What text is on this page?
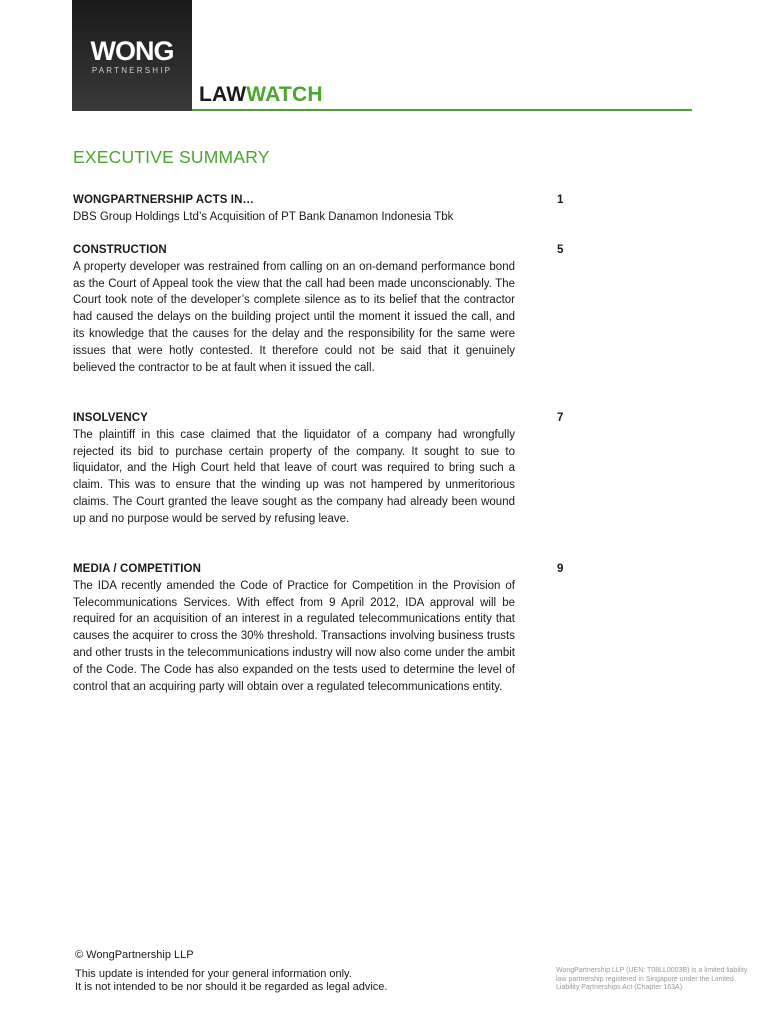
WONG
PARTNERSHIP
LAWWATCH
EXECUTIVE SUMMARY
WONGPARTNERSHIP ACTS IN…
DBS Group Holdings Ltd’s Acquisition of PT Bank Danamon Indonesia Tbk
1
CONSTRUCTION
A property developer was restrained from calling on an on-demand performance bond as the Court of Appeal took the view that the call had been made unconscionably. The Court took note of the developer’s complete silence as to its belief that the contractor had caused the delays on the building project until the moment it issued the call, and its knowledge that the causes for the delay and the responsibility for the same were issues that were hotly contested. It therefore could not be said that it genuinely believed the contractor to be at fault when it issued the call.
5
INSOLVENCY
The plaintiff in this case claimed that the liquidator of a company had wrongfully rejected its bid to purchase certain property of the company. It sought to sue to liquidator, and the High Court held that leave of court was required to bring such a claim. This was to ensure that the winding up was not hampered by unmeritorious claims. The Court granted the leave sought as the company had already been wound up and no purpose would be served by refusing leave.
7
MEDIA / COMPETITION
The IDA recently amended the Code of Practice for Competition in the Provision of Telecommunications Services. With effect from 9 April 2012, IDA approval will be required for an acquisition of an interest in a regulated telecommunications entity that causes the acquirer to cross the 30% threshold. Transactions involving business trusts and other trusts in the telecommunications industry will now also come under the ambit of the Code. The Code has also expanded on the tests used to determine the level of control that an acquiring party will obtain over a regulated telecommunications entity.
9
© WongPartnership LLP
This update is intended for your general information only.
It is not intended to be nor should it be regarded as legal advice.
WongPartnership LLP (UEN: T08LL0003B) is a limited liability law partnership registered in Singapore under the Limited Liability Partnerships Act (Chapter 163A).
